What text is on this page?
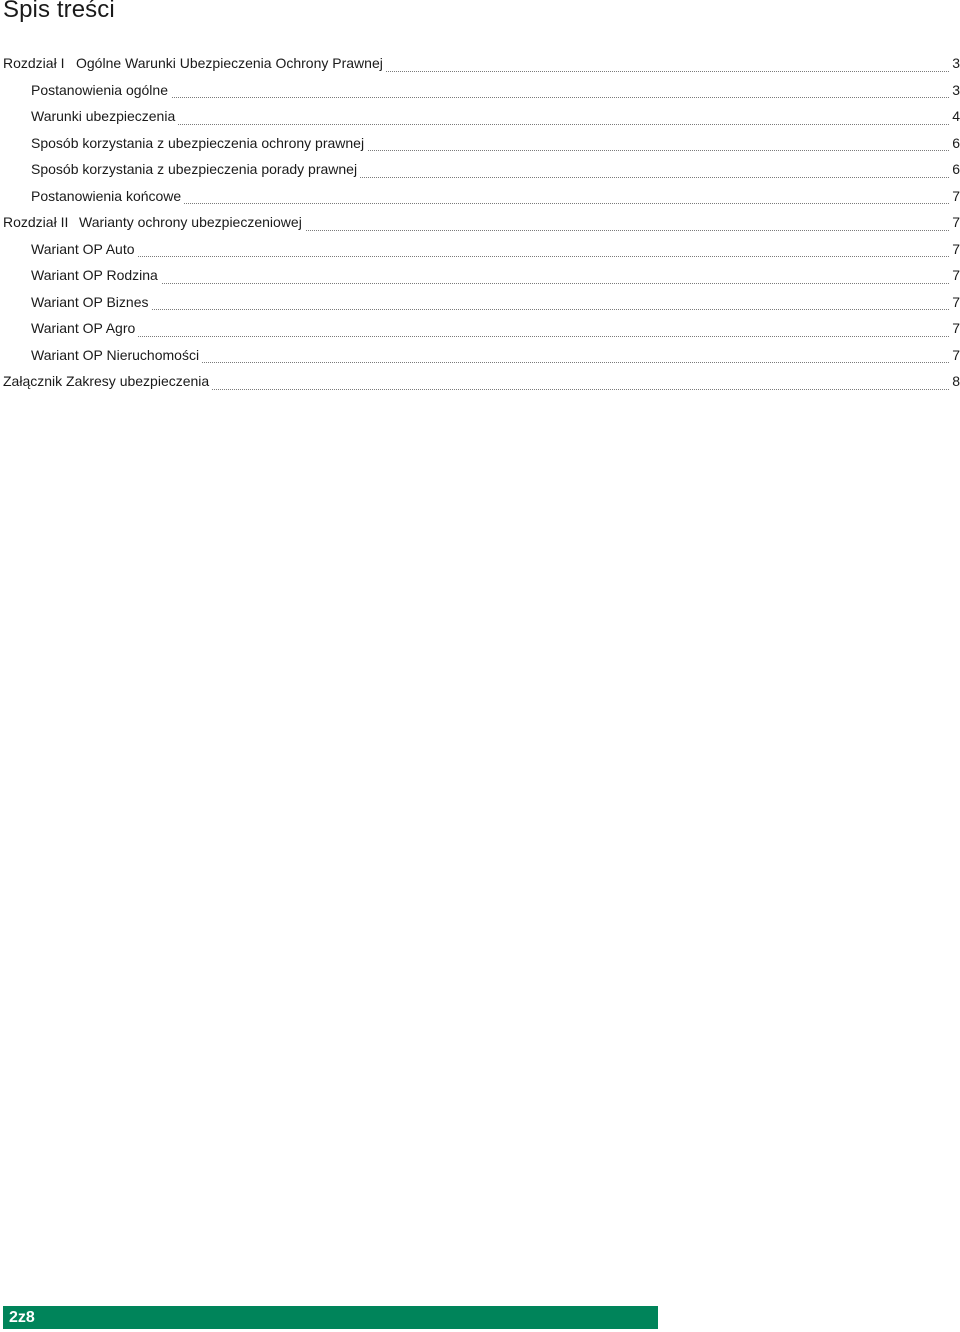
Spis treści
Rozdział I Ogólne Warunki Ubezpieczenia Ochrony Prawnej	3
Postanowienia ogólne	3
Warunki ubezpieczenia	4
Sposób korzystania z ubezpieczenia ochrony prawnej	6
Sposób korzystania z ubezpieczenia porady prawnej	6
Postanowienia końcowe	7
Rozdział II Warianty ochrony ubezpieczeniowej	7
Wariant OP Auto	7
Wariant OP Rodzina	7
Wariant OP Biznes	7
Wariant OP Agro	7
Wariant OP Nieruchomości	7
Załącznik Zakresy ubezpieczenia	8
2z8
